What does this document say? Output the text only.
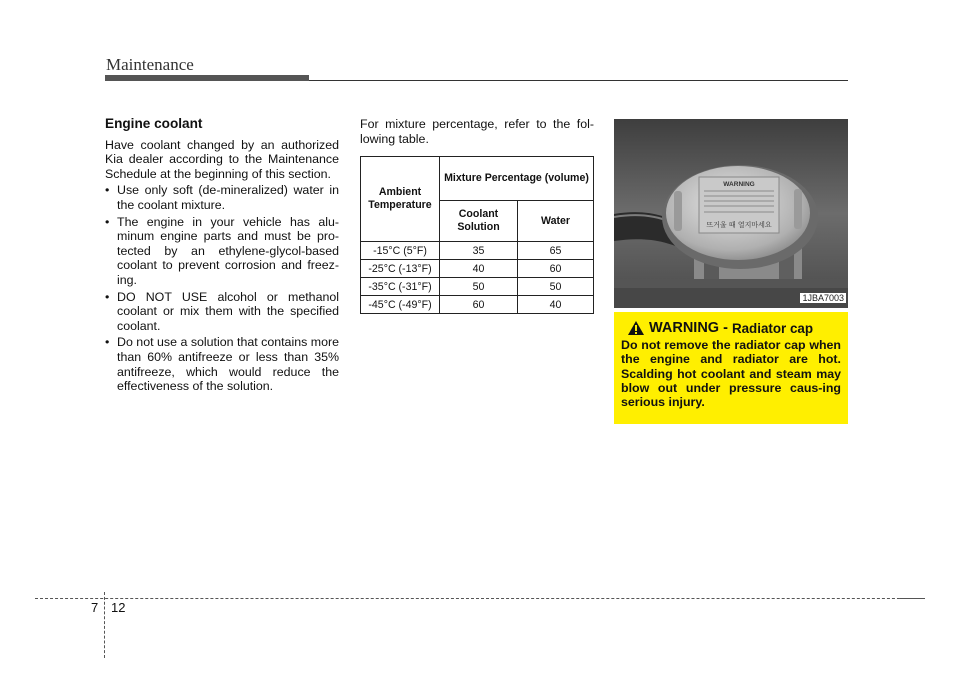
Maintenance
Engine coolant

Have coolant changed by an authorized Kia dealer according to the Maintenance Schedule at the beginning of this section.

• Use only soft (de-mineralized) water in the coolant mixture.
• The engine in your vehicle has alu-minum engine parts and must be pro-tected by an ethylene-glycol-based coolant to prevent corrosion and freez-ing.
• DO NOT USE alcohol or methanol coolant or mix them with the specified coolant.
• Do not use a solution that contains more than 60% antifreeze or less than 35% antifreeze, which would reduce the effectiveness of the solution.

For mixture percentage, refer to the fol-lowing table.

Ambient Temperature	Mixture Percentage (volume)	
	Coolant Solution	Water
-15°C (5°F)	35	65
-25°C (-13°F)	40	60
-35°C (-31°F)	50	50
-45°C (-49°F)	60	40
WARNING
뜨거울 때 열지마세요
1JBA7003
WARNING - Radiator cap
Do not remove the radiator cap when the engine and radiator are hot. Scalding hot coolant and steam may blow out under pressure caus-ing serious injury.
7 12
